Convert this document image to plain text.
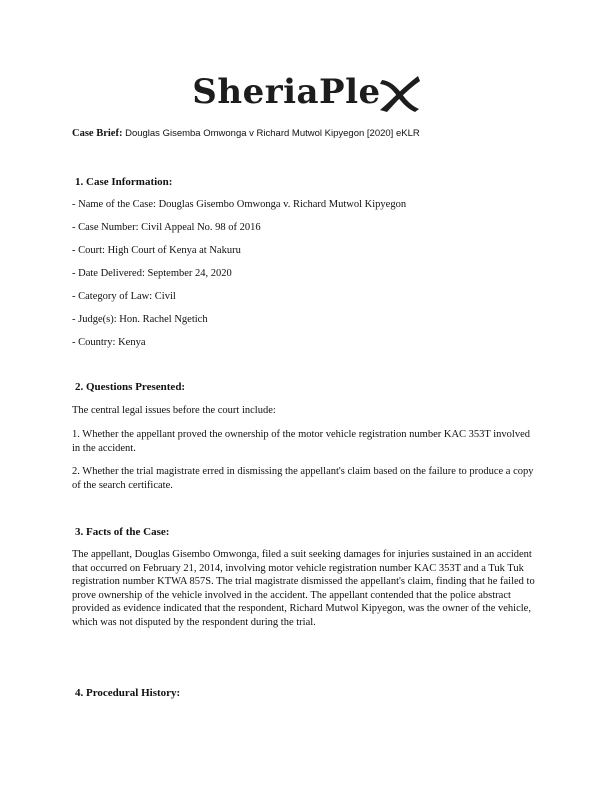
SheriaPle
Case Brief: Douglas Gisemba Omwonga v Richard Mutwol Kipyegon [2020] eKLR
1. Case Information:
- Name of the Case: Douglas Gisembo Omwonga v. Richard Mutwol Kipyegon
- Case Number: Civil Appeal No. 98 of 2016
- Court: High Court of Kenya at Nakuru
- Date Delivered: September 24, 2020
- Category of Law: Civil
- Judge(s): Hon. Rachel Ngetich
- Country: Kenya
2. Questions Presented:
The central legal issues before the court include:
1. Whether the appellant proved the ownership of the motor vehicle registration number KAC 353T involved in the accident.
2. Whether the trial magistrate erred in dismissing the appellant's claim based on the failure to produce a copy of the search certificate.
3. Facts of the Case:
The appellant, Douglas Gisembo Omwonga, filed a suit seeking damages for injuries sustained in an accident that occurred on February 21, 2014, involving motor vehicle registration number KAC 353T and a Tuk Tuk registration number KTWA 857S. The trial magistrate dismissed the appellant's claim, finding that he failed to prove ownership of the vehicle involved in the accident. The appellant contended that the police abstract provided as evidence indicated that the respondent, Richard Mutwol Kipyegon, was the owner of the vehicle, which was not disputed by the respondent during the trial.
4. Procedural History:
